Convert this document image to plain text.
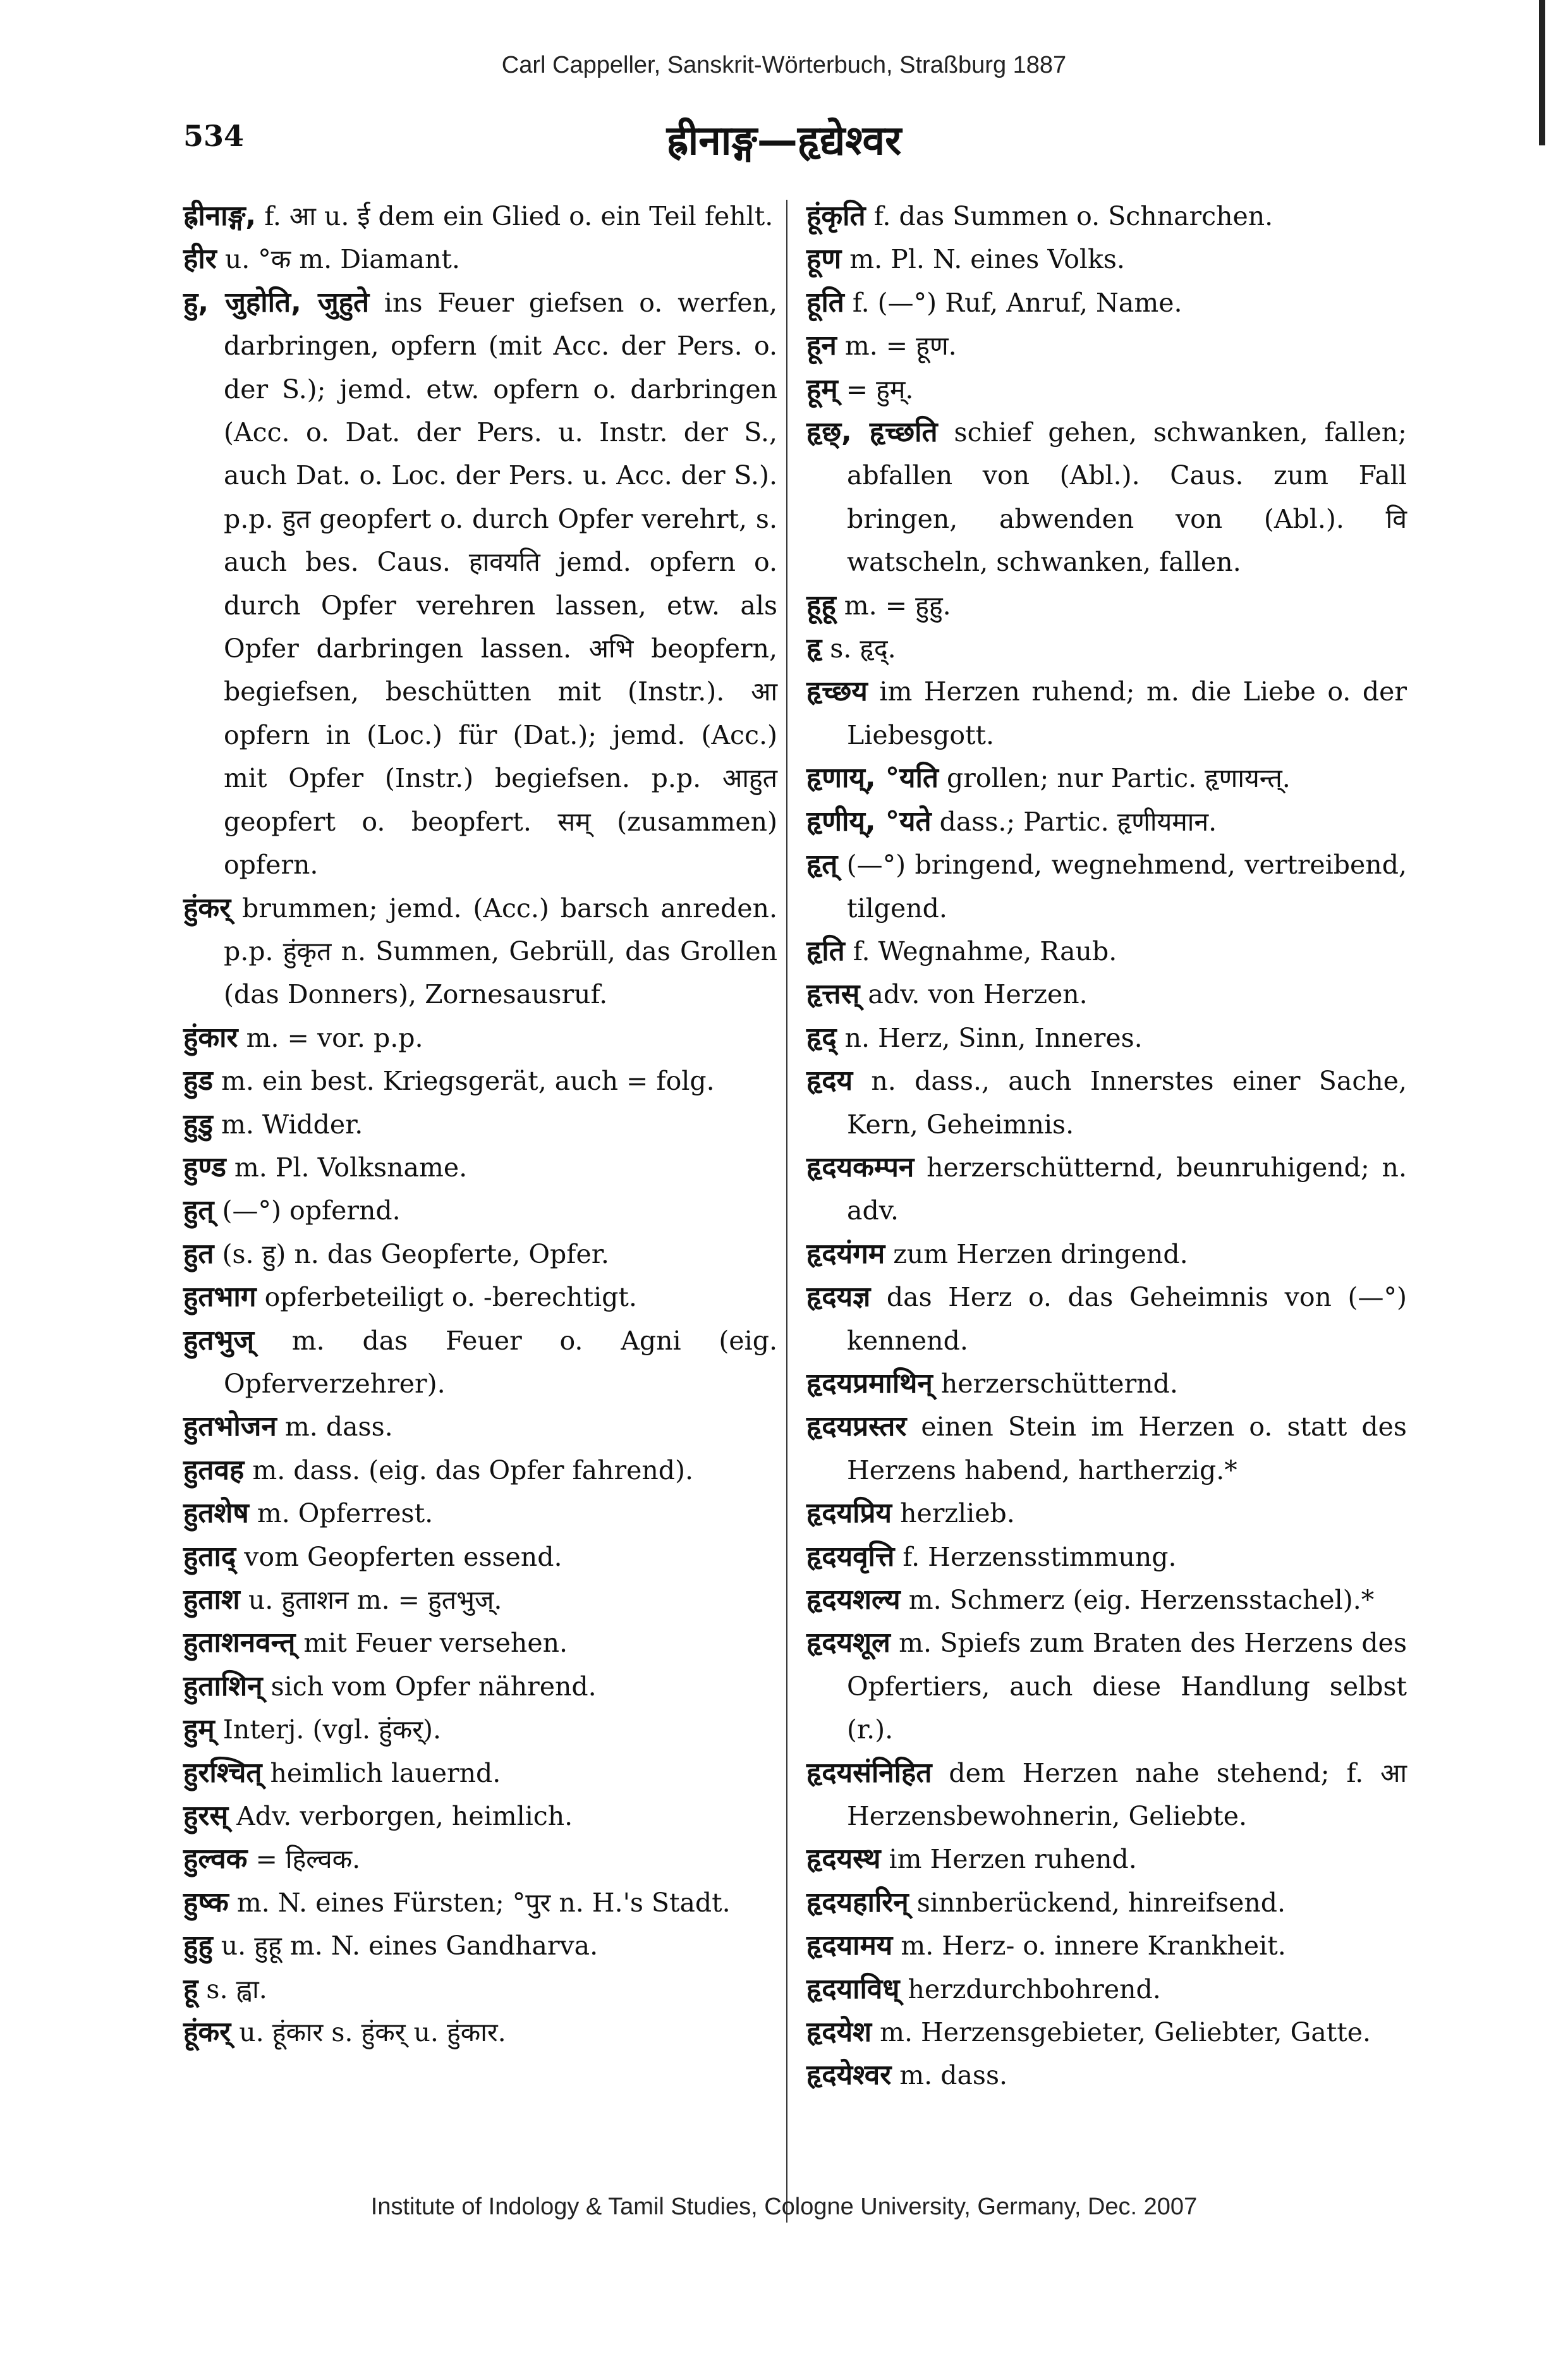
Carl Cappeller, Sanskrit-Wörterbuch, Straßburg 1887
534	ह्रीनाङ्ग—हृद्येश्वर

ह्रीनाङ्ग, f. आ u. ई dem ein Glied o. ein Teil fehlt.

हीर u. °क m. Diamant.

हु, जुहोति, जुहुते ins Feuer giefsen o. werfen, darbringen, opfern (mit Acc. der Pers. o. der S.); jemd. etw. opfern o. darbringen (Acc. o. Dat. der Pers. u. Instr. der S., auch Dat. o. Loc. der Pers. u. Acc. der S.). p.p. हुत geopfert o. durch Opfer verehrt, s. auch bes. Caus. हावयति jemd. opfern o. durch Opfer verehren lassen, etw. als Opfer darbringen lassen. अभि beopfern, begiefsen, beschütten mit (Instr.). आ opfern in (Loc.) für (Dat.); jemd. (Acc.) mit Opfer (Instr.) begiefsen. p.p. आहुत geopfert o. beopfert. सम् (zusammen) opfern.

हुंकर् brummen; jemd. (Acc.) barsch anreden. p.p. हुंकृत n. Summen, Gebrüll, das Grollen (das Donners), Zornesausruf.

हुंकार m. = vor. p.p.

हुड m. ein best. Kriegsgerät, auch = folg.

हुडु m. Widder.

हुण्ड m. Pl. Volksname.

हुत् (—°) opfernd.

हुत (s. हु) n. das Geopferte, Opfer.

हुतभाग opferbeteiligt o. -berechtigt.

हुतभुज् m. das Feuer o. Agni (eig. Opferverzehrer).

हुतभोजन m. dass.

हुतवह m. dass. (eig. das Opfer fahrend).

हुतशेष m. Opferrest.

हुताद् vom Geopferten essend.

हुताश u. हुताशन m. = हुतभुज्.

हुताशनवन्त् mit Feuer versehen.

हुताशिन् sich vom Opfer nährend.

हुम् Interj. (vgl. हुंकर्).

हुरश्चित् heimlich lauernd.

हुरस् Adv. verborgen, heimlich.

हुल्वक = हिल्वक.

हुष्क m. N. eines Fürsten; °पुर n. H.'s Stadt.

हुहु u. हुहू m. N. eines Gandharva.

हू s. ह्वा.

हूंकर् u. हूंकार s. हुंकर् u. हुंकार.

हूंकृति f. das Summen o. Schnarchen.

हूण m. Pl. N. eines Volks.

हूति f. (—°) Ruf, Anruf, Name.

हून m. = हूण.

हूम् = हुम्.

हृछ्, हृच्छति schief gehen, schwanken, fallen; abfallen von (Abl.). Caus. zum Fall bringen, abwenden von (Abl.). वि watscheln, schwanken, fallen.

हूहू m. = हुहु.

हृ s. हृद्.

हृच्छय im Herzen ruhend; m. die Liebe o. der Liebesgott.

हृणाय्, °यति grollen; nur Partic. हृणायन्त्.

हृणीय्, °यते dass.; Partic. हृणीयमान.

हृत् (—°) bringend, wegnehmend, vertreibend, tilgend.

हृति f. Wegnahme, Raub.

हृत्तस् adv. von Herzen.

हृद् n. Herz, Sinn, Inneres.

हृदय n. dass., auch Innerstes einer Sache, Kern, Geheimnis.

हृदयकम्पन herzerschütternd, beunruhigend; n. adv.

हृदयंगम zum Herzen dringend.

हृदयज्ञ das Herz o. das Geheimnis von (—°) kennend.

हृदयप्रमाथिन् herzerschütternd.

हृदयप्रस्तर einen Stein im Herzen o. statt des Herzens habend, hartherzig.*

हृदयप्रिय herzlieb.

हृदयवृत्ति f. Herzensstimmung.

हृदयशल्य m. Schmerz (eig. Herzensstachel).*

हृदयशूल m. Spiefs zum Braten des Herzens des Opfertiers, auch diese Handlung selbst (r.).

हृदयसंनिहित dem Herzen nahe stehend; f. आ Herzensbewohnerin, Geliebte.

हृदयस्थ im Herzen ruhend.

हृदयहारिन् sinnberückend, hinreifsend.

हृदयामय m. Herz- o. innere Krankheit.

हृदयाविध् herzdurchbohrend.

हृदयेश m. Herzensgebieter, Geliebter, Gatte.

हृदयेश्वर m. dass.

Institute of Indology & Tamil Studies, Cologne University, Germany, Dec. 2007
